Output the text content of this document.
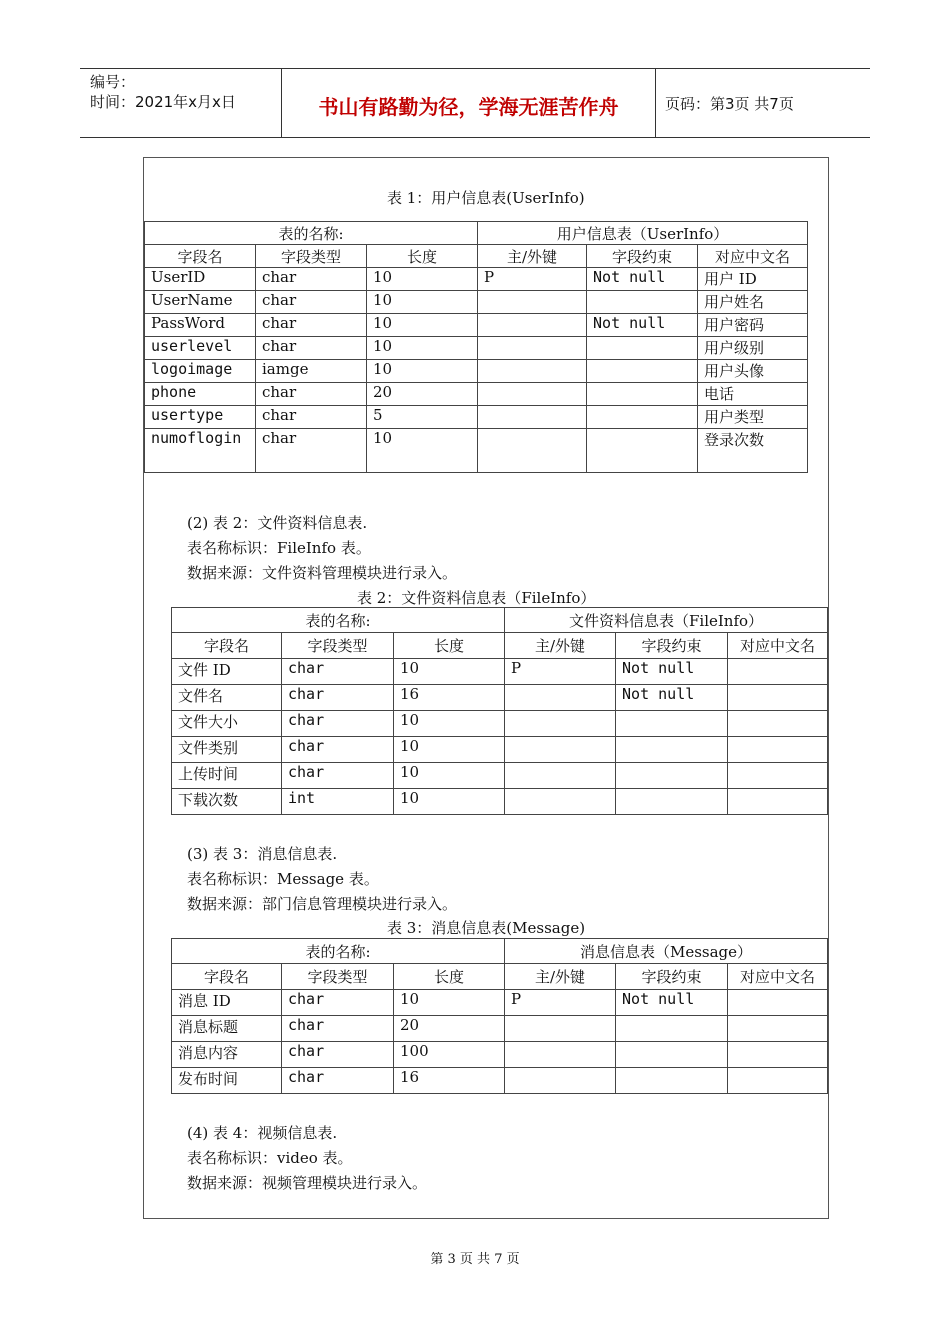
编号：
时间：2021年x月x日	书山有路勤为径，学海无涯苦作舟	页码：第3页 共7页
表 1：用户信息表(UserInfo)
表的名称:			用户信息表（UserInfo）		
字段名	字段类型	长度	主/外键	字段约束	对应中文名
UserID	char	10	P	Not null	用户 ID
UserName	char	10			用户姓名
PassWord	char	10		Not null	用户密码
userlevel	char	10			用户级别
logoimage	iamge	10			用户头像
phone	char	20			电话
usertype	char	5			用户类型
numoflogin	char	10			登录次数
(2) 表 2：文件资料信息表.
表名称标识：FileInfo 表。
数据来源：文件资料管理模块进行录入。
表 2：文件资料信息表（FileInfo）
表的名称:			文件资料信息表（FileInfo）		
字段名	字段类型	长度	主/外键	字段约束	对应中文名
文件 ID	char	10	P	Not null	
文件名	char	16		Not null	
文件大小	char	10			
文件类别	char	10			
上传时间	char	10			
下载次数	int	10			
(3) 表 3：消息信息表.
表名称标识：Message 表。
数据来源：部门信息管理模块进行录入。
表 3：消息信息表(Message)
表的名称:			消息信息表（Message）		
字段名	字段类型	长度	主/外键	字段约束	对应中文名
消息 ID	char	10	P	Not null	
消息标题	char	20			
消息内容	char	100			
发布时间	char	16			
(4) 表 4：视频信息表.
表名称标识：video 表。
数据来源：视频管理模块进行录入。
第 3 页 共 7 页
